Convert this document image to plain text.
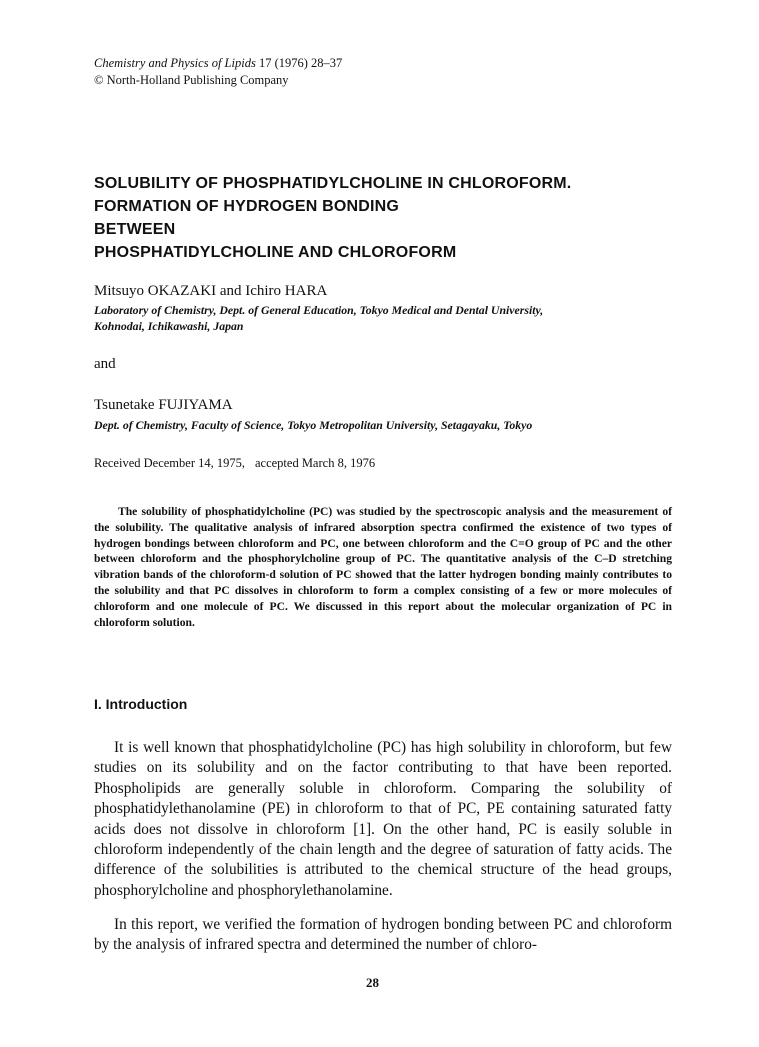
Chemistry and Physics of Lipids 17 (1976) 28–37
© North-Holland Publishing Company
SOLUBILITY OF PHOSPHATIDYLCHOLINE IN CHLOROFORM.
FORMATION OF HYDROGEN BONDING
BETWEEN
PHOSPHATIDYLCHOLINE AND CHLOROFORM
Mitsuyo OKAZAKI and Ichiro HARA
Laboratory of Chemistry, Dept. of General Education, Tokyo Medical and Dental University,
Kohnodai, Ichikawashi, Japan
and
Tsunetake FUJIYAMA
Dept. of Chemistry, Faculty of Science, Tokyo Metropolitan University, Setagayaku, Tokyo
Received December 14, 1975, accepted March 8, 1976
The solubility of phosphatidylcholine (PC) was studied by the spectroscopic analysis and the measurement of the solubility. The qualitative analysis of infrared absorption spectra confirmed the existence of two types of hydrogen bondings between chloroform and PC, one between chloroform and the C=O group of PC and the other between chloroform and the phosphorylcholine group of PC. The quantitative analysis of the C–D stretching vibration bands of the chloroform-d solution of PC showed that the latter hydrogen bonding mainly contributes to the solubility and that PC dissolves in chloroform to form a complex consisting of a few or more molecules of chloroform and one molecule of PC. We discussed in this report about the molecular organization of PC in chloroform solution.
I. Introduction
It is well known that phosphatidylcholine (PC) has high solubility in chloroform, but few studies on its solubility and on the factor contributing to that have been reported. Phospholipids are generally soluble in chloroform. Comparing the solubility of phosphatidylethanolamine (PE) in chloroform to that of PC, PE containing saturated fatty acids does not dissolve in chloroform [1]. On the other hand, PC is easily soluble in chloroform independently of the chain length and the degree of saturation of fatty acids. The difference of the solubilities is attributed to the chemical structure of the head groups, phosphorylcholine and phosphorylethanolamine.
In this report, we verified the formation of hydrogen bonding between PC and chloroform by the analysis of infrared spectra and determined the number of chloro-
28
